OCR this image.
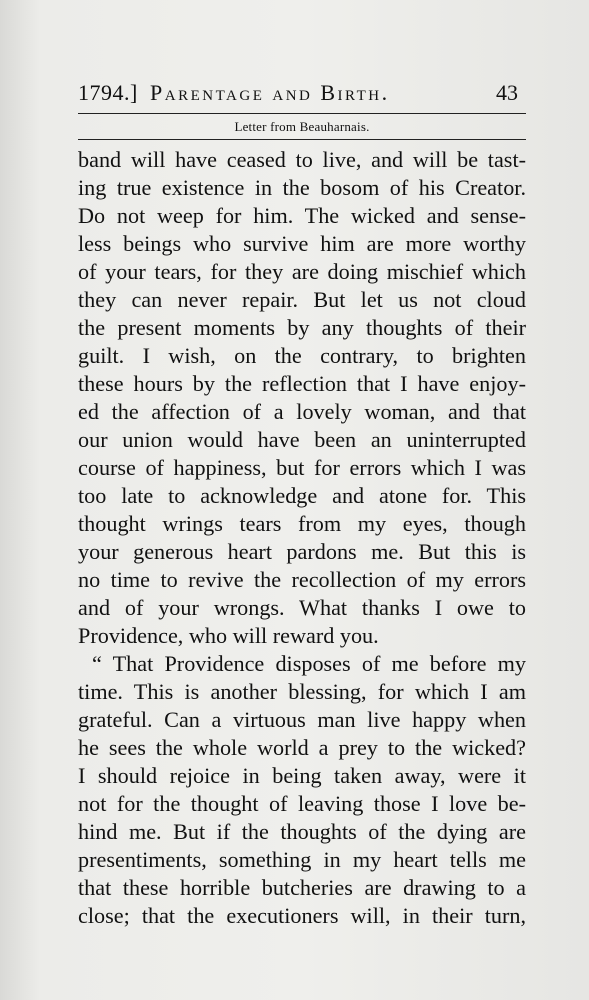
1794.] Parentage and Birth.	43
Letter from Beauharnais.
band will have ceased to live, and will be tast-
ing true existence in the bosom of his Creator.
Do not weep for him. The wicked and sense-
less beings who survive him are more worthy
of your tears, for they are doing mischief which
they can never repair. But let us not cloud
the present moments by any thoughts of their
guilt. I wish, on the contrary, to brighten
these hours by the reflection that I have enjoy-
ed the affection of a lovely woman, and that
our union would have been an uninterrupted
course of happiness, but for errors which I was
too late to acknowledge and atone for. This
thought wrings tears from my eyes, though
your generous heart pardons me. But this is
no time to revive the recollection of my errors
and of your wrongs. What thanks I owe to
Providence, who will reward you.
“ That Providence disposes of me before my
time. This is another blessing, for which I am
grateful. Can a virtuous man live happy when
he sees the whole world a prey to the wicked?
I should rejoice in being taken away, were it
not for the thought of leaving those I love be-
hind me. But if the thoughts of the dying are
presentiments, something in my heart tells me
that these horrible butcheries are drawing to a
close; that the executioners will, in their turn,
